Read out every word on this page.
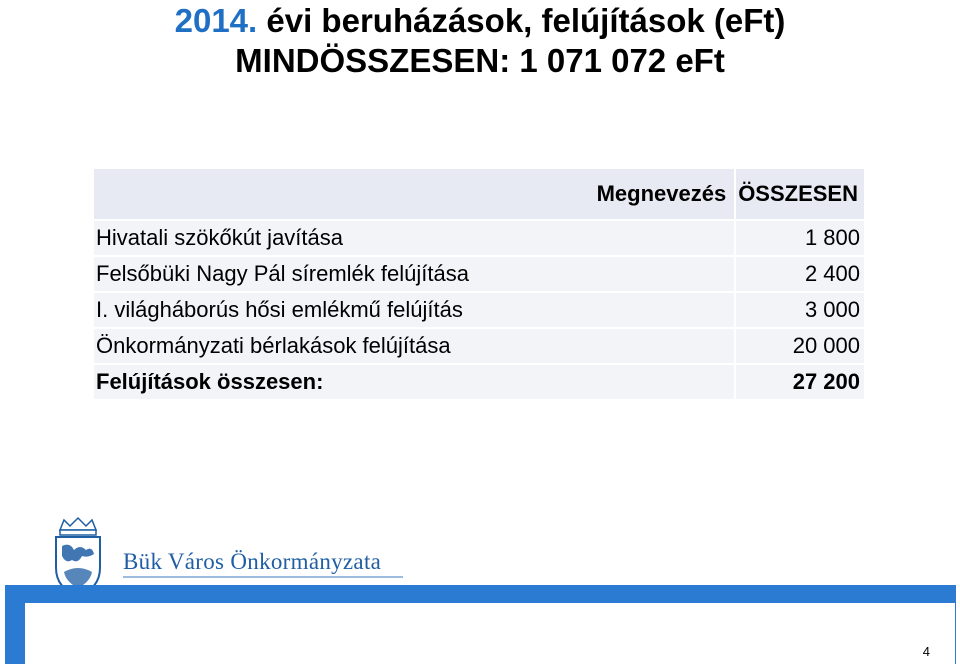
2014. évi beruházások, felújítások (eFt)
MINDÖSSZESEN: 1 071 072 eFt
Megnevezés	ÖSSZESEN
Hivatali szökőkút javítása	1 800
Felsőbüki Nagy Pál síremlék felújítása	2 400
I. világháborús hősi emlékmű felújítás	3 000
Önkormányzati bérlakások felújítása	20 000
Felújítások összesen:	27 200
Bük Város Önkormányzata
4
